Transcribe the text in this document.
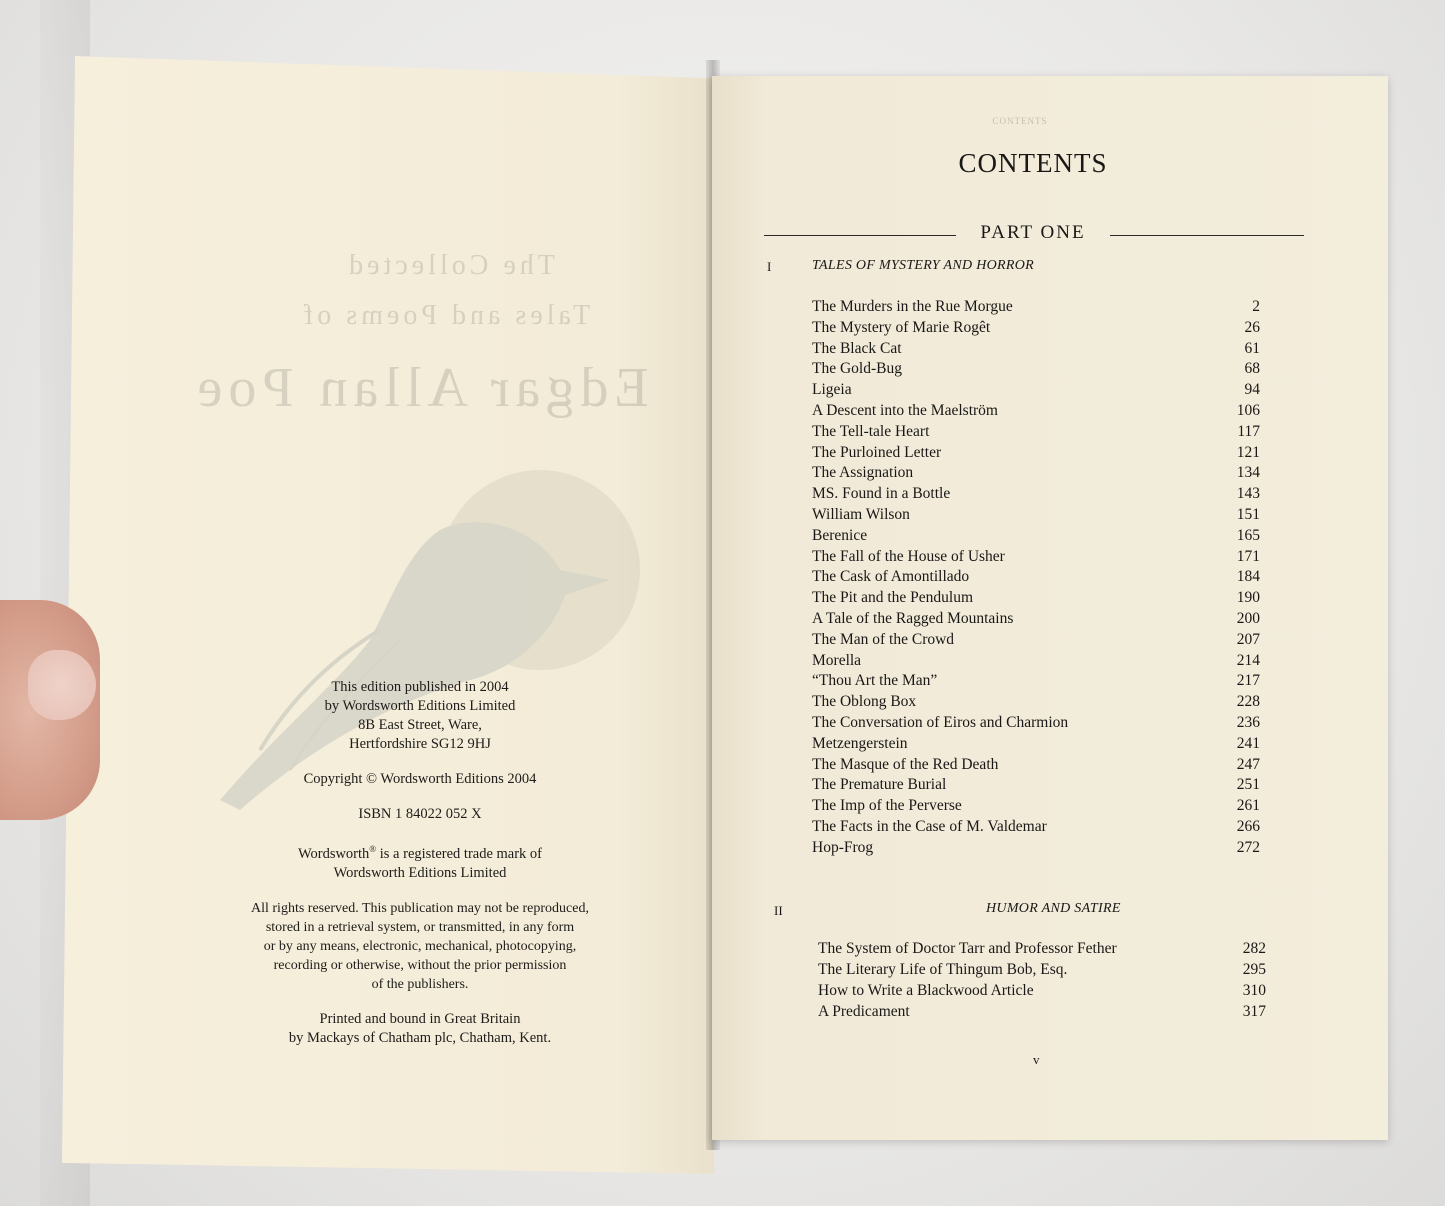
The Collected
Tales and Poems of
Edgar Allan Poe

This edition published in 2004
by Wordsworth Editions Limited
8B East Street, Ware,
Hertfordshire SG12 9HJ

Copyright © Wordsworth Editions 2004

ISBN 1 84022 052 X

Wordsworth® is a registered trade mark of
Wordsworth Editions Limited

All rights reserved. This publication may not be reproduced,
stored in a retrieval system, or transmitted, in any form
or by any means, electronic, mechanical, photocopying,
recording or otherwise, without the prior permission
of the publishers.

Printed and bound in Great Britain
by Mackays of Chatham plc, Chatham, Kent.

CONTENTS
CONTENTS
PART ONE
I	TALES OF MYSTERY AND HORROR
The Murders in the Rue Morgue	2
The Mystery of Marie Rogêt	26
The Black Cat	61
The Gold-Bug	68
Ligeia	94
A Descent into the Maelström	106
The Tell-tale Heart	117
The Purloined Letter	121
The Assignation	134
MS. Found in a Bottle	143
William Wilson	151
Berenice	165
The Fall of the House of Usher	171
The Cask of Amontillado	184
The Pit and the Pendulum	190
A Tale of the Ragged Mountains	200
The Man of the Crowd	207
Morella	214
“Thou Art the Man”	217
The Oblong Box	228
The Conversation of Eiros and Charmion	236
Metzengerstein	241
The Masque of the Red Death	247
The Premature Burial	251
The Imp of the Perverse	261
The Facts in the Case of M. Valdemar	266
Hop-Frog	272
II	HUMOR AND SATIRE
The System of Doctor Tarr and Professor Fether	282
The Literary Life of Thingum Bob, Esq.	295
How to Write a Blackwood Article	310
A Predicament	317
v
